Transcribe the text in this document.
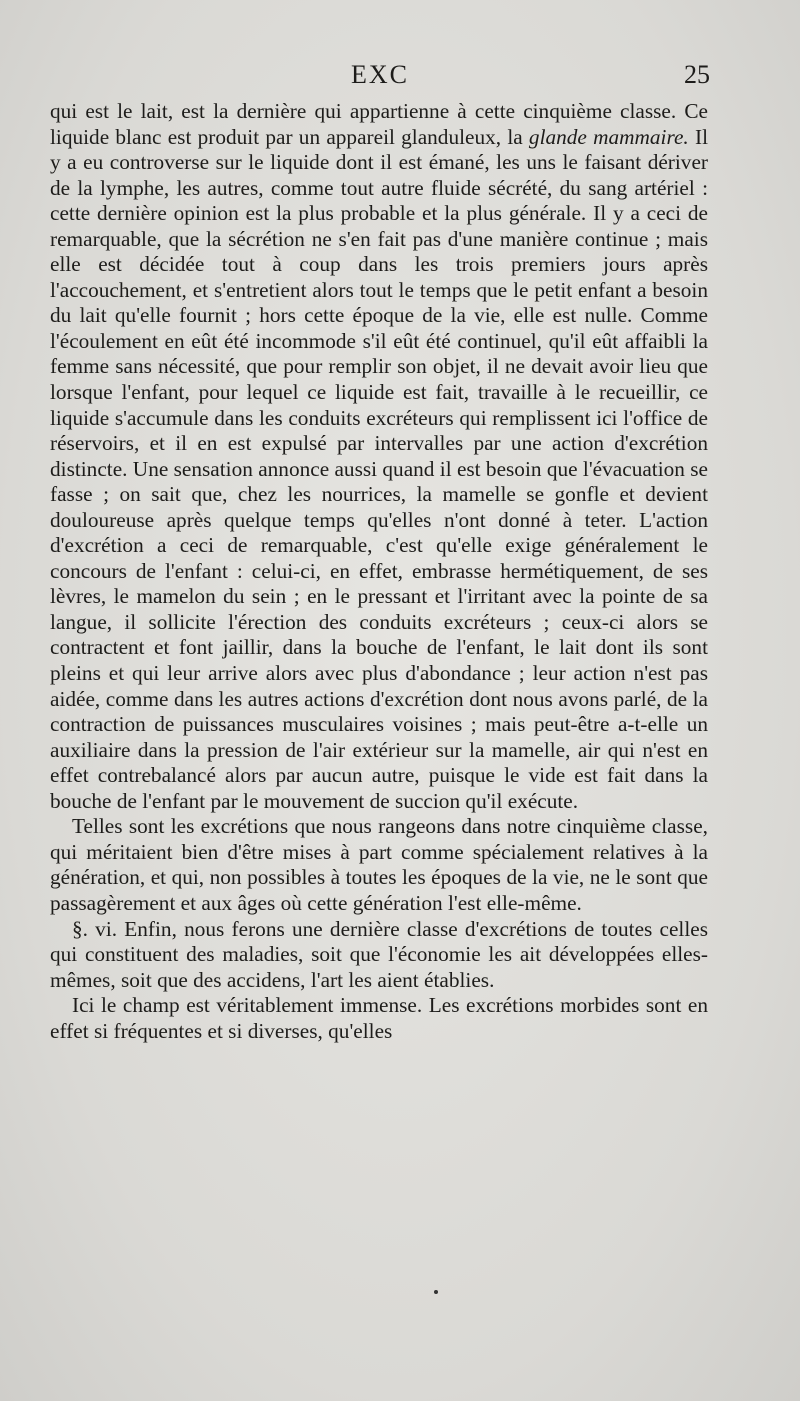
EXC	25

qui est le lait, est la dernière qui appartienne à cette cinquième classe. Ce liquide blanc est produit par un appareil glanduleux, la glande mammaire. Il y a eu controverse sur le liquide dont il est émané, les uns le faisant dériver de la lymphe, les autres, comme tout autre fluide sécrété, du sang artériel : cette dernière opinion est la plus probable et la plus générale. Il y a ceci de remarquable, que la sécrétion ne s'en fait pas d'une manière continue ; mais elle est décidée tout à coup dans les trois premiers jours après l'accouchement, et s'entretient alors tout le temps que le petit enfant a besoin du lait qu'elle fournit ; hors cette époque de la vie, elle est nulle. Comme l'écoulement en eût été incommode s'il eût été continuel, qu'il eût affaibli la femme sans nécessité, que pour remplir son objet, il ne devait avoir lieu que lorsque l'enfant, pour lequel ce liquide est fait, travaille à le recueillir, ce liquide s'accumule dans les conduits excréteurs qui remplissent ici l'office de réservoirs, et il en est expulsé par intervalles par une action d'excrétion distincte. Une sensation annonce aussi quand il est besoin que l'évacuation se fasse ; on sait que, chez les nourrices, la mamelle se gonfle et devient douloureuse après quelque temps qu'elles n'ont donné à teter. L'action d'excrétion a ceci de remarquable, c'est qu'elle exige généralement le concours de l'enfant : celui-ci, en effet, embrasse hermétiquement, de ses lèvres, le mamelon du sein ; en le pressant et l'irritant avec la pointe de sa langue, il sollicite l'érection des conduits excréteurs ; ceux-ci alors se contractent et font jaillir, dans la bouche de l'enfant, le lait dont ils sont pleins et qui leur arrive alors avec plus d'abondance ; leur action n'est pas aidée, comme dans les autres actions d'excrétion dont nous avons parlé, de la contraction de puissances musculaires voisines ; mais peut-être a-t-elle un auxiliaire dans la pression de l'air extérieur sur la mamelle, air qui n'est en effet contrebalancé alors par aucun autre, puisque le vide est fait dans la bouche de l'enfant par le mouvement de succion qu'il exécute.

Telles sont les excrétions que nous rangeons dans notre cinquième classe, qui méritaient bien d'être mises à part comme spécialement relatives à la génération, et qui, non possibles à toutes les époques de la vie, ne le sont que passagèrement et aux âges où cette génération l'est elle-même.

§. vi. Enfin, nous ferons une dernière classe d'excrétions de toutes celles qui constituent des maladies, soit que l'économie les ait développées elles-mêmes, soit que des accidens, l'art les aient établies.

Ici le champ est véritablement immense. Les excrétions morbides sont en effet si fréquentes et si diverses, qu'elles
